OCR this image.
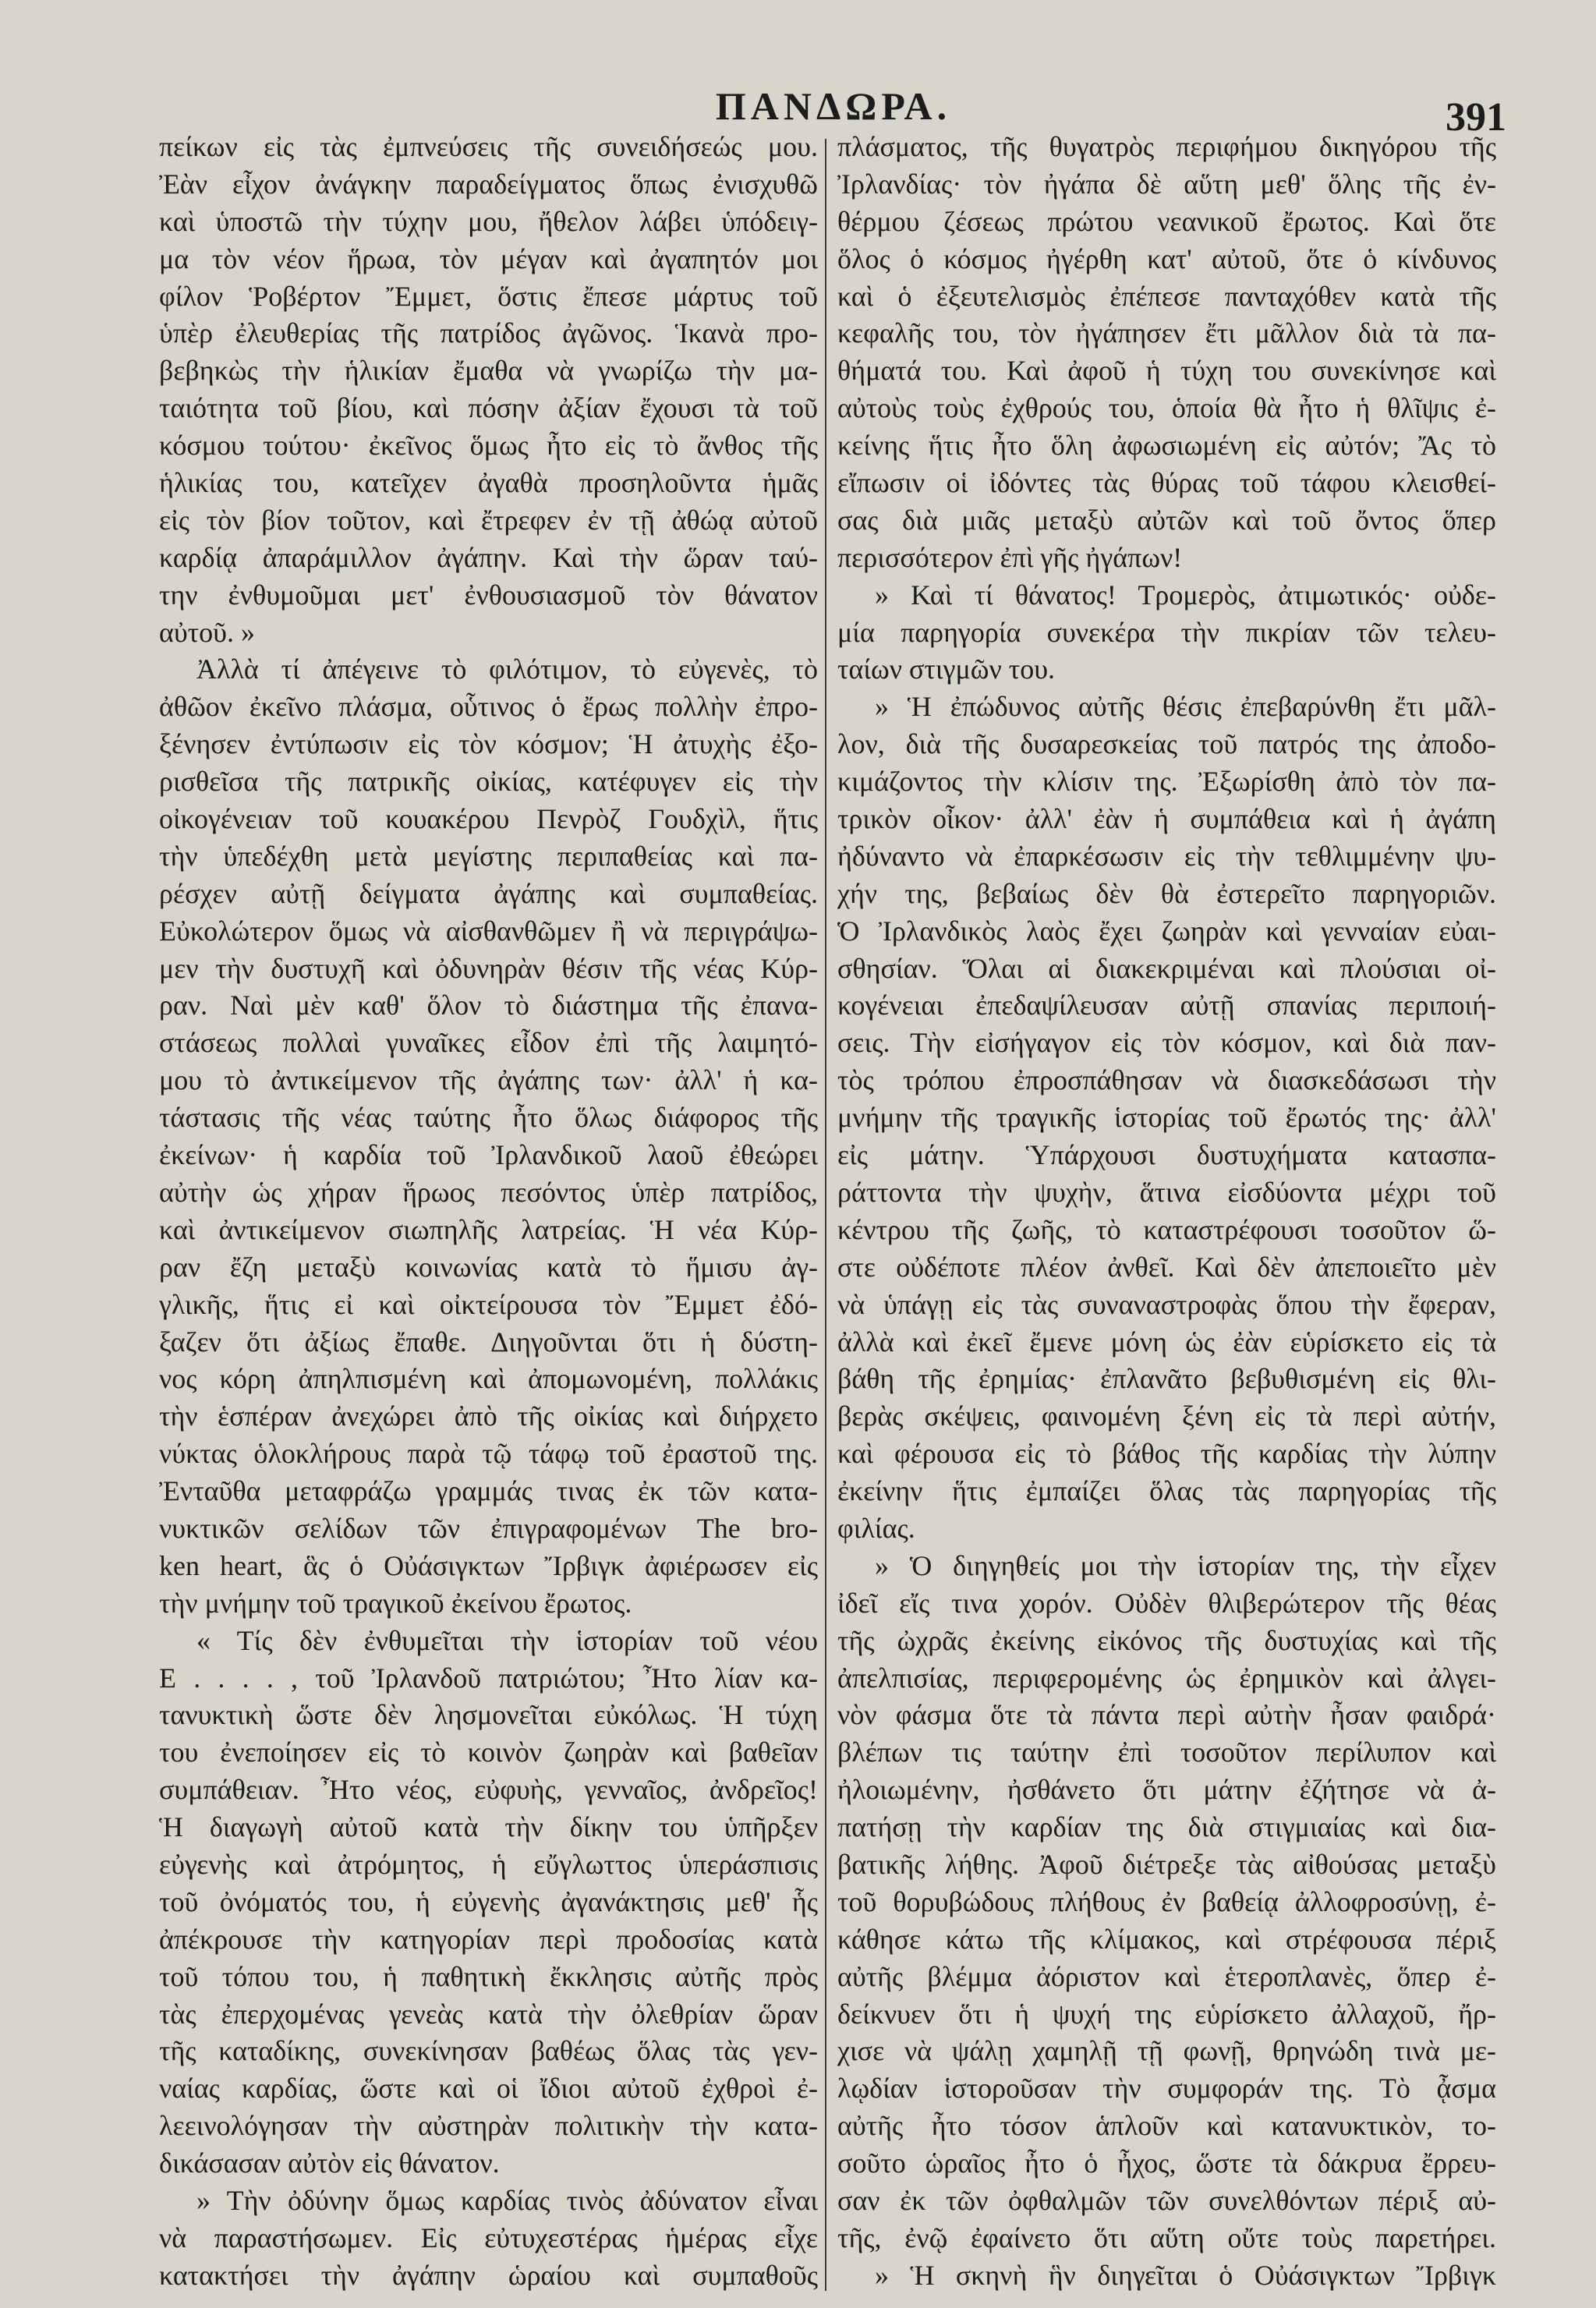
ΠΑΝΔΩΡΑ.	391
πείκων εἰς τὰς ἐμπνεύσεις τῆς συνειδήσεώς μου.
Ἐὰν εἶχον ἀνάγκην παραδείγματος ὅπως ἐνισχυθῶ
καὶ ὑποστῶ τὴν τύχην μου, ἤθελον λάβει ὑπόδειγ-
μα τὸν νέον ἥρωα, τὸν μέγαν καὶ ἀγαπητόν μοι
φίλον Ῥοβέρτον Ἔμμετ, ὅστις ἔπεσε μάρτυς τοῦ
ὑπὲρ ἐλευθερίας τῆς πατρίδος ἀγῶνος. Ἱκανὰ προ-
βεβηκὼς τὴν ἡλικίαν ἔμαθα νὰ γνωρίζω τὴν μα-
ταιότητα τοῦ βίου, καὶ πόσην ἀξίαν ἔχουσι τὰ τοῦ
κόσμου τούτου· ἐκεῖνος ὅμως ἦτο εἰς τὸ ἄνθος τῆς
ἡλικίας του, κατεῖχεν ἀγαθὰ προσηλοῦντα ἡμᾶς
εἰς τὸν βίον τοῦτον, καὶ ἔτρεφεν ἐν τῇ ἀθώᾳ αὐτοῦ
καρδίᾳ ἀπαράμιλλον ἀγάπην. Καὶ τὴν ὥραν ταύ-
την ἐνθυμοῦμαι μετ' ἐνθουσιασμοῦ τὸν θάνατον
αὐτοῦ. »
Ἀλλὰ τί ἀπέγεινε τὸ φιλότιμον, τὸ εὐγενὲς, τὸ
ἀθῶον ἐκεῖνο πλάσμα, οὗτινος ὁ ἔρως πολλὴν ἐπρο-
ξένησεν ἐντύπωσιν εἰς τὸν κόσμον; Ἡ ἀτυχὴς ἐξο-
ρισθεῖσα τῆς πατρικῆς οἰκίας, κατέφυγεν εἰς τὴν
οἰκογένειαν τοῦ κουακέρου Πενρὸζ Γουδχὶλ, ἥτις
τὴν ὑπεδέχθη μετὰ μεγίστης περιπαθείας καὶ πα-
ρέσχεν αὐτῇ δείγματα ἀγάπης καὶ συμπαθείας.
Εὐκολώτερον ὅμως νὰ αἰσθανθῶμεν ἢ νὰ περιγράψω-
μεν τὴν δυστυχῆ καὶ ὀδυνηρὰν θέσιν τῆς νέας Κύρ-
ραν. Ναὶ μὲν καθ' ὅλον τὸ διάστημα τῆς ἐπανα-
στάσεως πολλαὶ γυναῖκες εἶδον ἐπὶ τῆς λαιμητό-
μου τὸ ἀντικείμενον τῆς ἀγάπης των· ἀλλ' ἡ κα-
τάστασις τῆς νέας ταύτης ἦτο ὅλως διάφορος τῆς
ἐκείνων· ἡ καρδία τοῦ Ἰρλανδικοῦ λαοῦ ἐθεώρει
αὐτὴν ὡς χήραν ἥρωος πεσόντος ὑπὲρ πατρίδος,
καὶ ἀντικείμενον σιωπηλῆς λατρείας. Ἡ νέα Κύρ-
ραν ἔζη μεταξὺ κοινωνίας κατὰ τὸ ἥμισυ ἀγ-
γλικῆς, ἥτις εἰ καὶ οἰκτείρουσα τὸν Ἔμμετ ἐδό-
ξαζεν ὅτι ἀξίως ἔπαθε. Διηγοῦνται ὅτι ἡ δύστη-
νος κόρη ἀπηλπισμένη καὶ ἀπομωνομένη, πολλάκις
τὴν ἑσπέραν ἀνεχώρει ἀπὸ τῆς οἰκίας καὶ διήρχετο
νύκτας ὁλοκλήρους παρὰ τῷ τάφῳ τοῦ ἐραστοῦ της.
Ἐνταῦθα μεταφράζω γραμμάς τινας ἐκ τῶν κατα-
νυκτικῶν σελίδων τῶν ἐπιγραφομένων The bro-
ken heart, ἃς ὁ Οὐάσιγκτων Ἴρβιγκ ἀφιέρωσεν εἰς
τὴν μνήμην τοῦ τραγικοῦ ἐκείνου ἔρωτος.
« Τίς δὲν ἐνθυμεῖται τὴν ἱστορίαν τοῦ νέου
Ε . . . . , τοῦ Ἰρλανδοῦ πατριώτου; Ἦτο λίαν κα-
τανυκτικὴ ὥστε δὲν λησμονεῖται εὐκόλως. Ἡ τύχη
του ἐνεποίησεν εἰς τὸ κοινὸν ζωηρὰν καὶ βαθεῖαν
συμπάθειαν. Ἦτο νέος, εὐφυὴς, γενναῖος, ἀνδρεῖος!
Ἡ διαγωγὴ αὐτοῦ κατὰ τὴν δίκην του ὑπῆρξεν
εὐγενὴς καὶ ἀτρόμητος, ἡ εὔγλωττος ὑπεράσπισις
τοῦ ὀνόματός του, ἡ εὐγενὴς ἀγανάκτησις μεθ' ἧς
ἀπέκρουσε τὴν κατηγορίαν περὶ προδοσίας κατὰ
τοῦ τόπου του, ἡ παθητικὴ ἔκκλησις αὐτῆς πρὸς
τὰς ἐπερχομένας γενεὰς κατὰ τὴν ὀλεθρίαν ὥραν
τῆς καταδίκης, συνεκίνησαν βαθέως ὅλας τὰς γεν-
ναίας καρδίας, ὥστε καὶ οἱ ἴδιοι αὐτοῦ ἐχθροὶ ἐ-
λεεινολόγησαν τὴν αὐστηρὰν πολιτικὴν τὴν κατα-
δικάσασαν αὐτὸν εἰς θάνατον.
» Τὴν ὀδύνην ὅμως καρδίας τινὸς ἀδύνατον εἶναι
νὰ παραστήσωμεν. Εἰς εὐτυχεστέρας ἡμέρας εἶχε
κατακτήσει τὴν ἀγάπην ὡραίου καὶ συμπαθοῦς
πλάσματος, τῆς θυγατρὸς περιφήμου δικηγόρου τῆς
Ἰρλανδίας· τὸν ἠγάπα δὲ αὕτη μεθ' ὅλης τῆς ἐν-
θέρμου ζέσεως πρώτου νεανικοῦ ἔρωτος. Καὶ ὅτε
ὅλος ὁ κόσμος ἠγέρθη κατ' αὐτοῦ, ὅτε ὁ κίνδυνος
καὶ ὁ ἐξευτελισμὸς ἐπέπεσε πανταχόθεν κατὰ τῆς
κεφαλῆς του, τὸν ἠγάπησεν ἔτι μᾶλλον διὰ τὰ πα-
θήματά του. Καὶ ἀφοῦ ἡ τύχη του συνεκίνησε καὶ
αὐτοὺς τοὺς ἐχθρούς του, ὁποία θὰ ἦτο ἡ θλῖψις ἐ-
κείνης ἥτις ἦτο ὅλη ἀφωσιωμένη εἰς αὐτόν; Ἄς τὸ
εἴπωσιν οἱ ἰδόντες τὰς θύρας τοῦ τάφου κλεισθεί-
σας διὰ μιᾶς μεταξὺ αὐτῶν καὶ τοῦ ὄντος ὅπερ
περισσότερον ἐπὶ γῆς ἠγάπων!
» Καὶ τί θάνατος! Τρομερὸς, ἀτιμωτικός· οὐδε-
μία παρηγορία συνεκέρα τὴν πικρίαν τῶν τελευ-
ταίων στιγμῶν του.
» Ἡ ἐπώδυνος αὐτῆς θέσις ἐπεβαρύνθη ἔτι μᾶλ-
λον, διὰ τῆς δυσαρεσκείας τοῦ πατρός της ἀποδο-
κιμάζοντος τὴν κλίσιν της. Ἐξωρίσθη ἀπὸ τὸν πα-
τρικὸν οἶκον· ἀλλ' ἐὰν ἡ συμπάθεια καὶ ἡ ἀγάπη
ἠδύναντο νὰ ἐπαρκέσωσιν εἰς τὴν τεθλιμμένην ψυ-
χήν της, βεβαίως δὲν θὰ ἐστερεῖτο παρηγοριῶν.
Ὁ Ἰρλανδικὸς λαὸς ἔχει ζωηρὰν καὶ γενναίαν εὐαι-
σθησίαν. Ὅλαι αἱ διακεκριμέναι καὶ πλούσιαι οἰ-
κογένειαι ἐπεδαψίλευσαν αὐτῇ σπανίας περιποιή-
σεις. Τὴν εἰσήγαγον εἰς τὸν κόσμον, καὶ διὰ παν-
τὸς τρόπου ἐπροσπάθησαν νὰ διασκεδάσωσι τὴν
μνήμην τῆς τραγικῆς ἱστορίας τοῦ ἔρωτός της· ἀλλ'
εἰς μάτην. Ὑπάρχουσι δυστυχήματα κατασπα-
ράττοντα τὴν ψυχὴν, ἅτινα εἰσδύοντα μέχρι τοῦ
κέντρου τῆς ζωῆς, τὸ καταστρέφουσι τοσοῦτον ὥ-
στε οὐδέποτε πλέον ἀνθεῖ. Καὶ δὲν ἀπεποιεῖτο μὲν
νὰ ὑπάγῃ εἰς τὰς συναναστροφὰς ὅπου τὴν ἔφεραν,
ἀλλὰ καὶ ἐκεῖ ἔμενε μόνη ὡς ἐὰν εὑρίσκετο εἰς τὰ
βάθη τῆς ἐρημίας· ἐπλανᾶτο βεβυθισμένη εἰς θλι-
βερὰς σκέψεις, φαινομένη ξένη εἰς τὰ περὶ αὐτήν,
καὶ φέρουσα εἰς τὸ βάθος τῆς καρδίας τὴν λύπην
ἐκείνην ἥτις ἐμπαίζει ὅλας τὰς παρηγορίας τῆς
φιλίας.
» Ὁ διηγηθείς μοι τὴν ἱστορίαν της, τὴν εἶχεν
ἰδεῖ εἴς τινα χορόν. Οὐδὲν θλιβερώτερον τῆς θέας
τῆς ὠχρᾶς ἐκείνης εἰκόνος τῆς δυστυχίας καὶ τῆς
ἀπελπισίας, περιφερομένης ὡς ἐρημικὸν καὶ ἀλγει-
νὸν φάσμα ὅτε τὰ πάντα περὶ αὐτὴν ἦσαν φαιδρά·
βλέπων τις ταύτην ἐπὶ τοσοῦτον περίλυπον καὶ
ἠλοιωμένην, ἠσθάνετο ὅτι μάτην ἐζήτησε νὰ ἀ-
πατήσῃ τὴν καρδίαν της διὰ στιγμιαίας καὶ δια-
βατικῆς λήθης. Ἀφοῦ διέτρεξε τὰς αἰθούσας μεταξὺ
τοῦ θορυβώδους πλήθους ἐν βαθείᾳ ἀλλοφροσύνῃ, ἐ-
κάθησε κάτω τῆς κλίμακος, καὶ στρέφουσα πέριξ
αὐτῆς βλέμμα ἀόριστον καὶ ἑτεροπλανὲς, ὅπερ ἐ-
δείκνυεν ὅτι ἡ ψυχή της εὑρίσκετο ἀλλαχοῦ, ἤρ-
χισε νὰ ψάλῃ χαμηλῇ τῇ φωνῇ, θρηνώδη τινὰ με-
λῳδίαν ἱστοροῦσαν τὴν συμφοράν της. Τὸ ᾆσμα
αὐτῆς ἦτο τόσον ἁπλοῦν καὶ κατανυκτικὸν, το-
σοῦτο ὡραῖος ἦτο ὁ ἦχος, ὥστε τὰ δάκρυα ἔρρευ-
σαν ἐκ τῶν ὀφθαλμῶν τῶν συνελθόντων πέριξ αὐ-
τῆς, ἐνῷ ἐφαίνετο ὅτι αὕτη οὔτε τοὺς παρετήρει.
» Ἡ σκηνὴ ἣν διηγεῖται ὁ Οὐάσιγκτων Ἴρβιγκ
